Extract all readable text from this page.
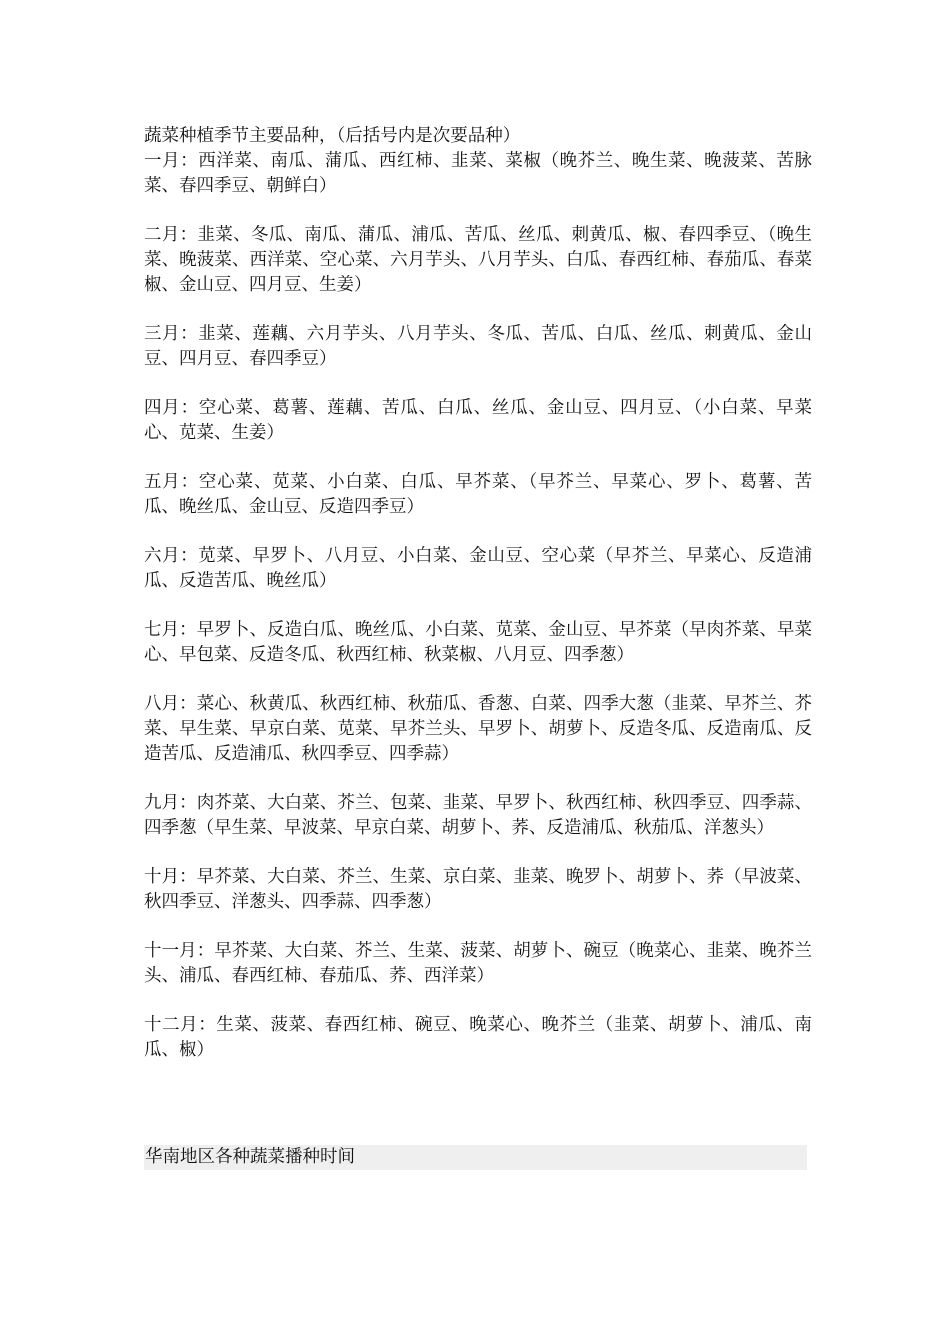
蔬菜种植季节主要品种，（后括号内是次要品种）

一月：西洋菜、南瓜、蒲瓜、西红柿、韭菜、菜椒（晚芥兰、晚生菜、晚菠菜、苦脉菜、春四季豆、朝鲜白）

二月：韭菜、冬瓜、南瓜、蒲瓜、浦瓜、苦瓜、丝瓜、刺黄瓜、椒、春四季豆、（晚生菜、晚菠菜、西洋菜、空心菜、六月芋头、八月芋头、白瓜、春西红柿、春茄瓜、春菜椒、金山豆、四月豆、生姜）

三月：韭菜、莲藕、六月芋头、八月芋头、冬瓜、苦瓜、白瓜、丝瓜、刺黄瓜、金山豆、四月豆、春四季豆）

四月：空心菜、葛薯、莲藕、苦瓜、白瓜、丝瓜、金山豆、四月豆、（小白菜、早菜心、苋菜、生姜）

五月：空心菜、苋菜、小白菜、白瓜、早芥菜、（早芥兰、早菜心、罗卜、葛薯、苦瓜、晚丝瓜、金山豆、反造四季豆）

六月：苋菜、早罗卜、八月豆、小白菜、金山豆、空心菜（早芥兰、早菜心、反造浦瓜、反造苦瓜、晚丝瓜）

七月：早罗卜、反造白瓜、晚丝瓜、小白菜、苋菜、金山豆、早芥菜（早肉芥菜、早菜心、早包菜、反造冬瓜、秋西红柿、秋菜椒、八月豆、四季葱）

八月：菜心、秋黄瓜、秋西红柿、秋茄瓜、香葱、白菜、四季大葱（韭菜、早芥兰、芥菜、早生菜、早京白菜、苋菜、早芥兰头、早罗卜、胡萝卜、反造冬瓜、反造南瓜、反造苦瓜、反造浦瓜、秋四季豆、四季蒜）

九月：肉芥菜、大白菜、芥兰、包菜、韭菜、早罗卜、秋西红柿、秋四季豆、四季蒜、四季葱（早生菜、早波菜、早京白菜、胡萝卜、荞、反造浦瓜、秋茄瓜、洋葱头）

十月：早芥菜、大白菜、芥兰、生菜、京白菜、韭菜、晚罗卜、胡萝卜、荞（早波菜、秋四季豆、洋葱头、四季蒜、四季葱）

十一月：早芥菜、大白菜、芥兰、生菜、菠菜、胡萝卜、碗豆（晚菜心、韭菜、晚芥兰头、浦瓜、春西红柿、春茄瓜、荞、西洋菜）

十二月：生菜、菠菜、春西红柿、碗豆、晚菜心、晚芥兰（韭菜、胡萝卜、浦瓜、南瓜、椒）

华南地区各种蔬菜播种时间
